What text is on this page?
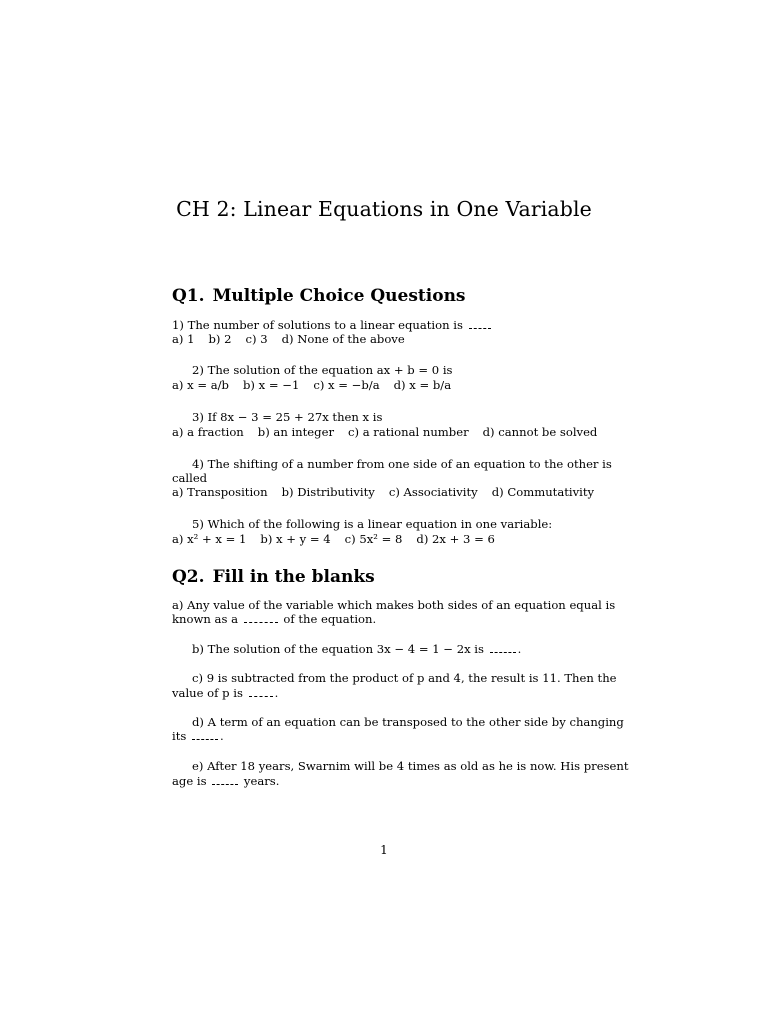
CH 2: Linear Equations in One Variable
Q1. Multiple Choice Questions
1) The number of solutions to a linear equation is
a) 1 b) 2 c) 3 d) None of the above
2) The solution of the equation ax + b = 0 is
a) x = a/b b) x = −1 c) x = −b/a d) x = b/a
3) If 8x − 3 = 25 + 27x then x is
a) a fraction b) an integer c) a rational number d) cannot be solved
4) The shifting of a number from one side of an equation to the other is
called
a) Transposition b) Distributivity c) Associativity d) Commutativity
5) Which of the following is a linear equation in one variable:
a) x² + x = 1 b) x + y = 4 c) 5x² = 8 d) 2x + 3 = 6
Q2. Fill in the blanks
a) Any value of the variable which makes both sides of an equation equal is
known as a	of the equation.
b) The solution of the equation 3x − 4 = 1 − 2x is	.
c) 9 is subtracted from the product of p and 4, the result is 11. Then the
value of p is	.
d) A term of an equation can be transposed to the other side by changing
its	.
e) After 18 years, Swarnim will be 4 times as old as he is now. His present
age is	years.
1
